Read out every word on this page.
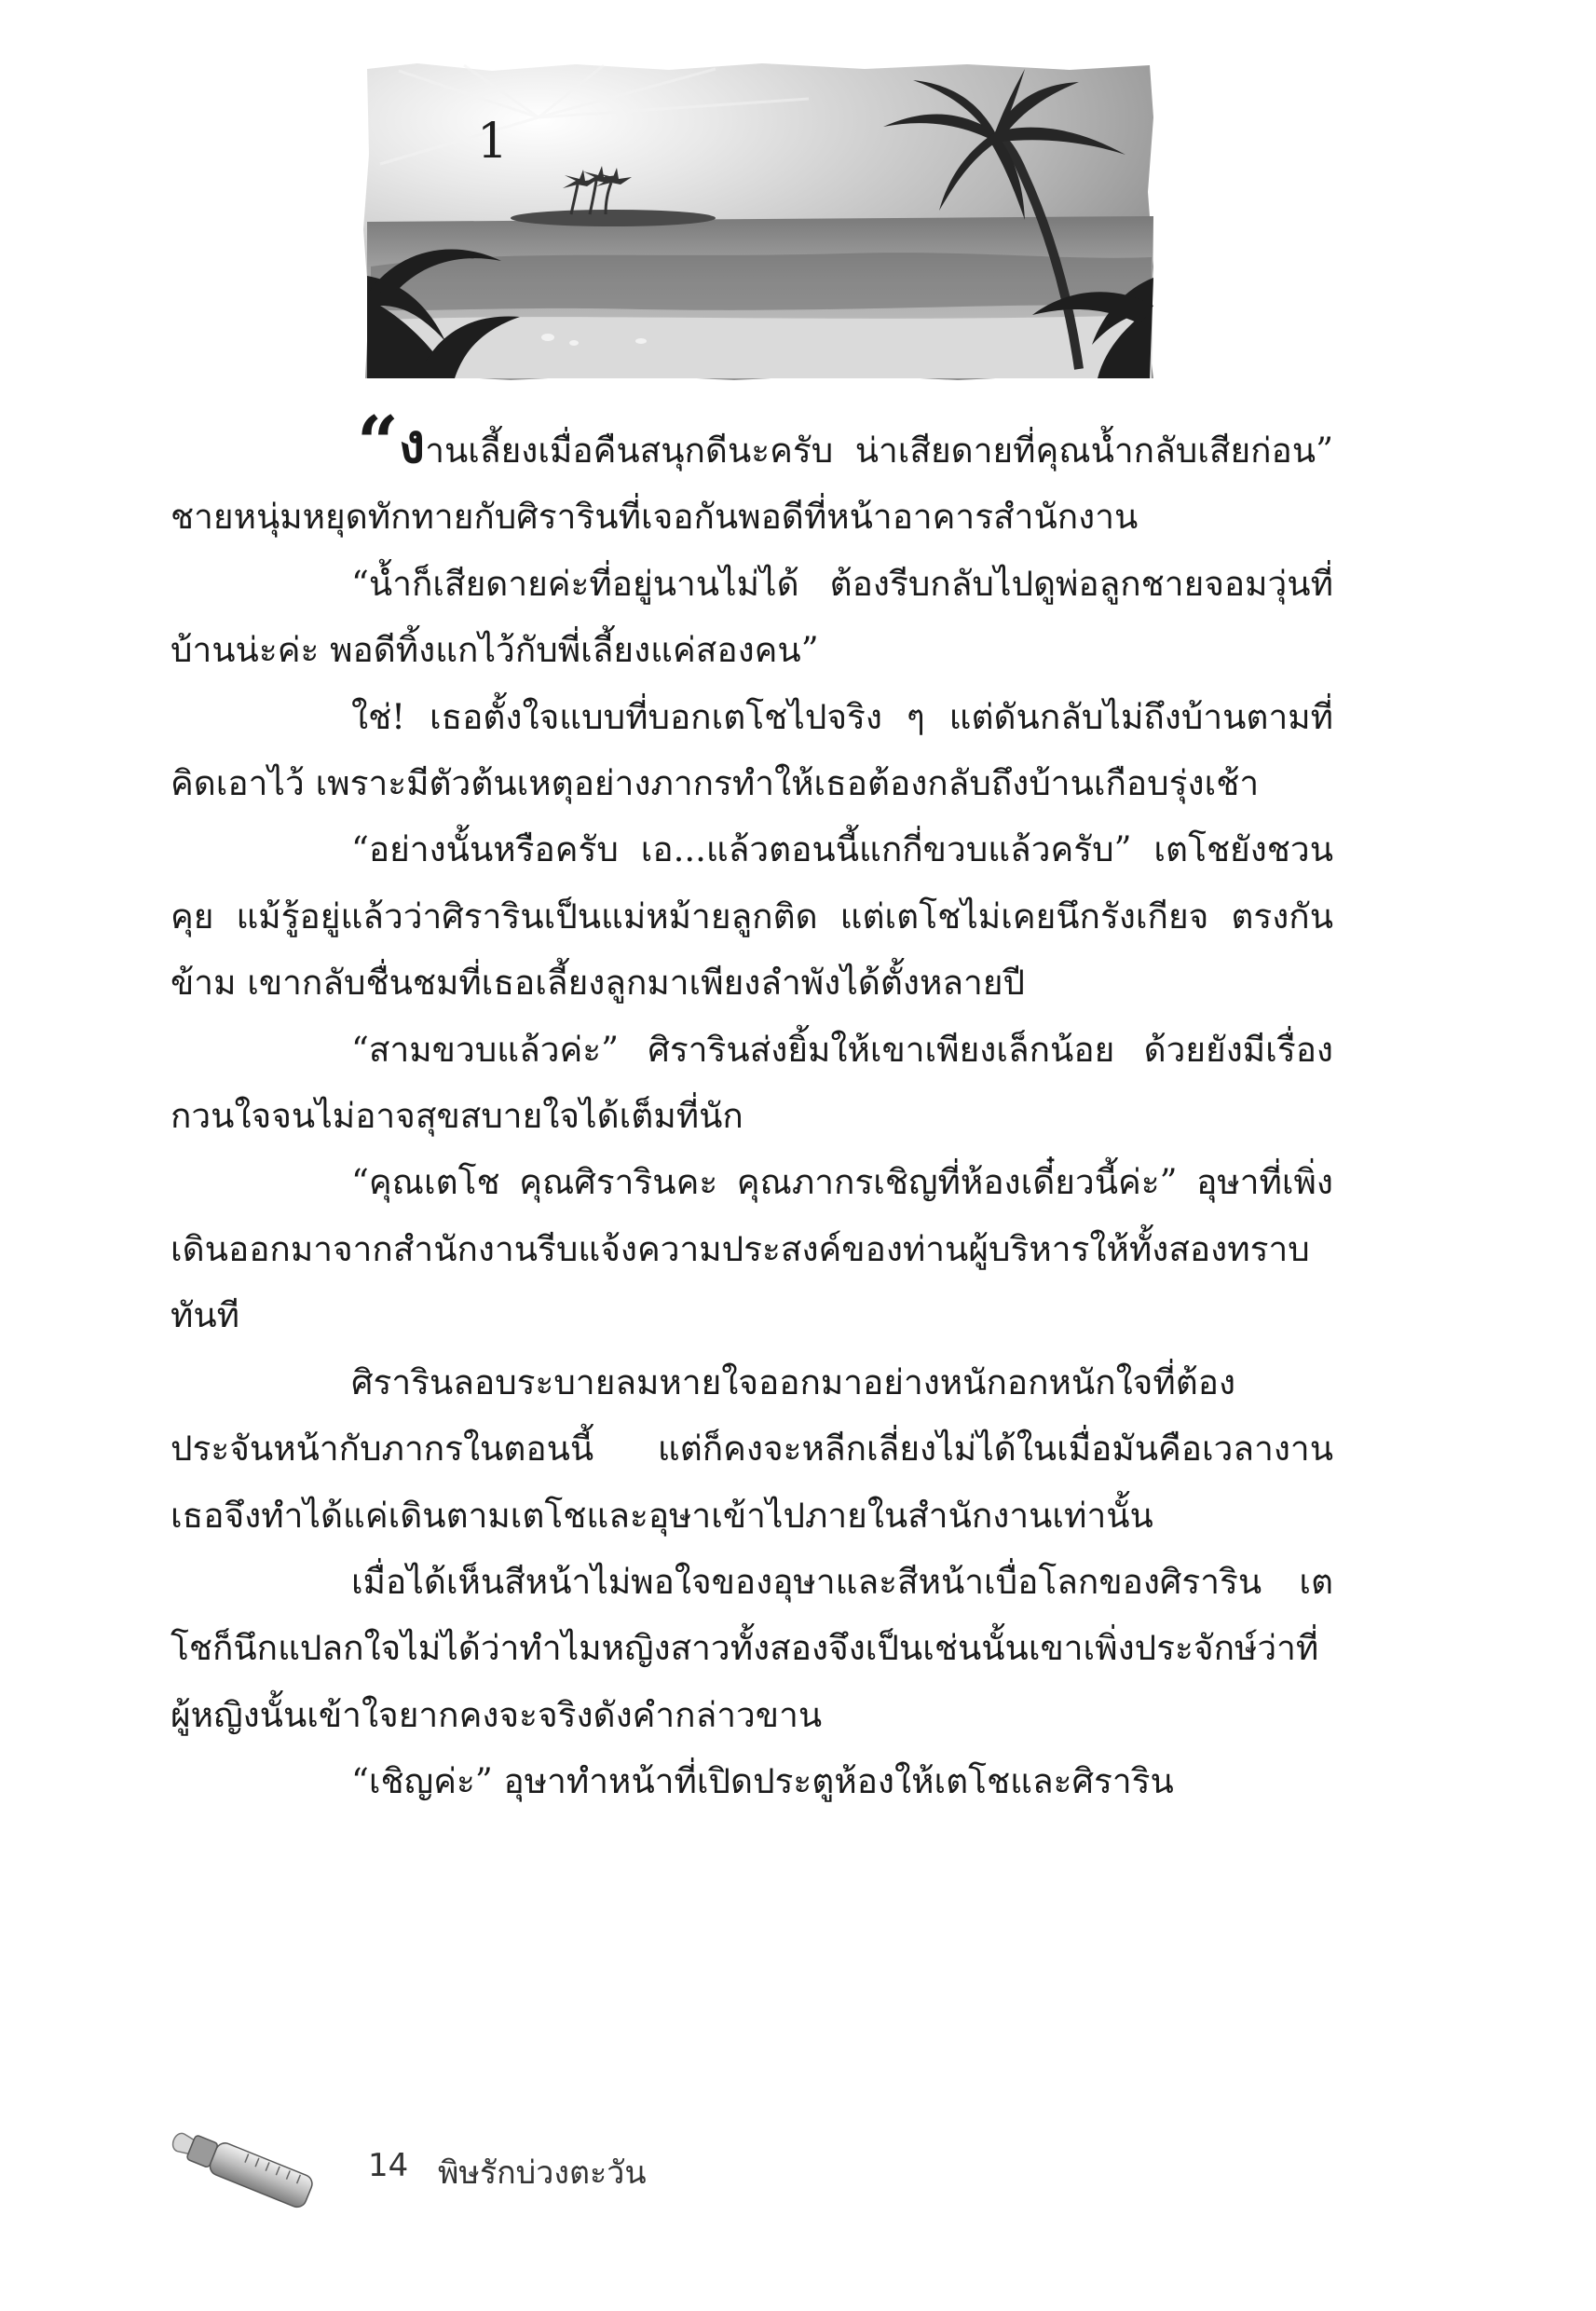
1

“งานเลี้ยงเมื่อคืนสนุกดีนะครับ น่าเสียดายที่คุณน้ำกลับเสียก่อน” ชายหนุ่มหยุดทักทายกับศิรารินที่เจอกันพอดีที่หน้าอาคารสำนักงาน

“น้ำก็เสียดายค่ะที่อยู่นานไม่ได้ ต้องรีบกลับไปดูพ่อลูกชายจอมวุ่นที่บ้านน่ะค่ะ พอดีทิ้งแกไว้กับพี่เลี้ยงแค่สองคน”

ใช่! เธอตั้งใจแบบที่บอกเตโชไปจริง ๆ แต่ดันกลับไม่ถึงบ้านตามที่คิดเอาไว้ เพราะมีตัวต้นเหตุอย่างภากรทำให้เธอต้องกลับถึงบ้านเกือบรุ่งเช้า

“อย่างนั้นหรือครับ เอ...แล้วตอนนี้แกกี่ขวบแล้วครับ” เตโชยังชวนคุย แม้รู้อยู่แล้วว่าศิรารินเป็นแม่หม้ายลูกติด แต่เตโชไม่เคยนึกรังเกียจ ตรงกันข้าม เขากลับชื่นชมที่เธอเลี้ยงลูกมาเพียงลำพังได้ตั้งหลายปี

“สามขวบแล้วค่ะ” ศิรารินส่งยิ้มให้เขาเพียงเล็กน้อย ด้วยยังมีเรื่องกวนใจจนไม่อาจสุขสบายใจได้เต็มที่นัก

“คุณเตโช คุณศิรารินคะ คุณภากรเชิญที่ห้องเดี๋ยวนี้ค่ะ” อุษาที่เพิ่งเดินออกมาจากสำนักงานรีบแจ้งความประสงค์ของท่านผู้บริหารให้ทั้งสองทราบทันที

ศิรารินลอบระบายลมหายใจออกมาอย่างหนักอกหนักใจที่ต้องประจันหน้ากับภากรในตอนนี้ แต่ก็คงจะหลีกเลี่ยงไม่ได้ในเมื่อมันคือเวลางาน เธอจึงทำได้แค่เดินตามเตโชและอุษาเข้าไปภายในสำนักงานเท่านั้น

เมื่อได้เห็นสีหน้าไม่พอใจของอุษาและสีหน้าเบื่อโลกของศิราริน เตโชก็นึกแปลกใจไม่ได้ว่าทำไมหญิงสาวทั้งสองจึงเป็นเช่นนั้นเขาเพิ่งประจักษ์ว่าที่ผู้หญิงนั้นเข้าใจยากคงจะจริงดังคำกล่าวขาน

“เชิญค่ะ” อุษาทำหน้าที่เปิดประตูห้องให้เตโชและศิราริน

14 พิษรักบ่วงตะวัน
